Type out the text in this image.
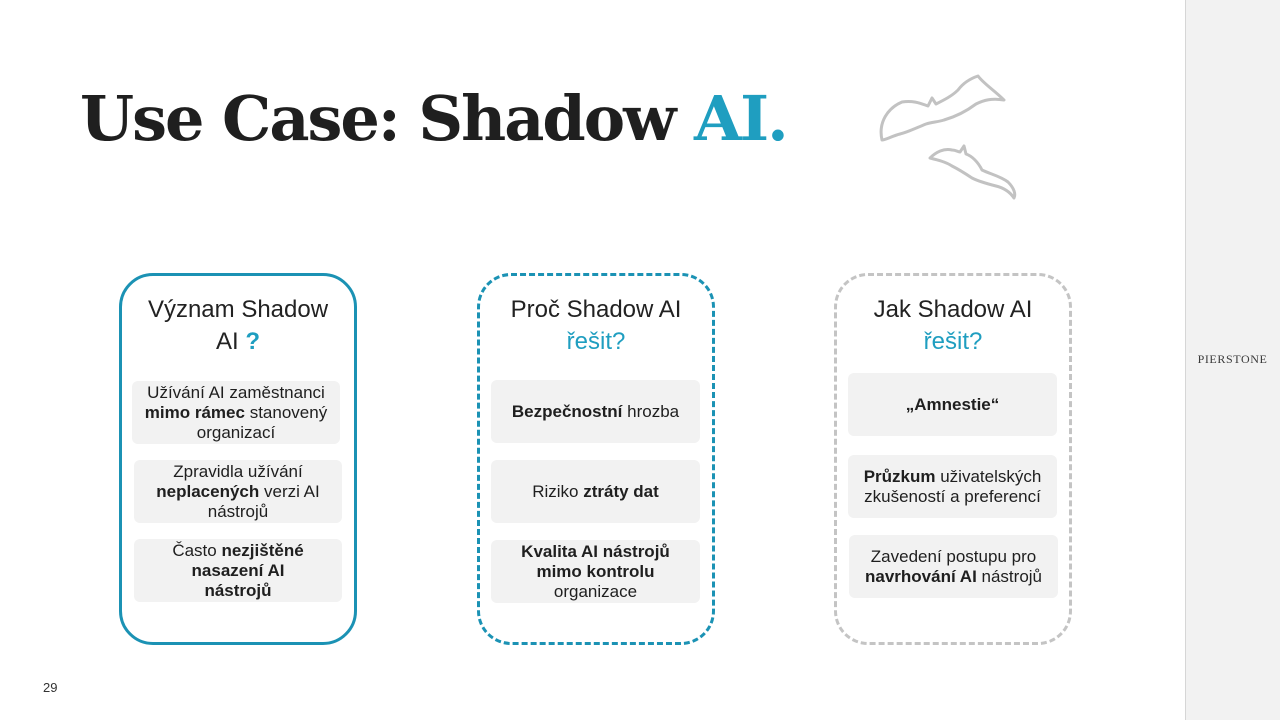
PIERSTONE
Use Case: Shadow AI.
Význam Shadow
AI ?
Užívání AI zaměstnanci mimo rámec stanovený organizací
Zpravidla užívání neplacených verzi AI nástrojů
Často nezjištěné nasazení AI nástrojů
Proč Shadow AI
řešit?
Bezpečnostní hrozba
Riziko ztráty dat
Kvalita AI nástrojů mimo kontrolu organizace
Jak Shadow AI
řešit?
„Amnestie“
Průzkum uživatelských zkušeností a preferencí
Zavedení postupu pro navrhování AI nástrojů
29
